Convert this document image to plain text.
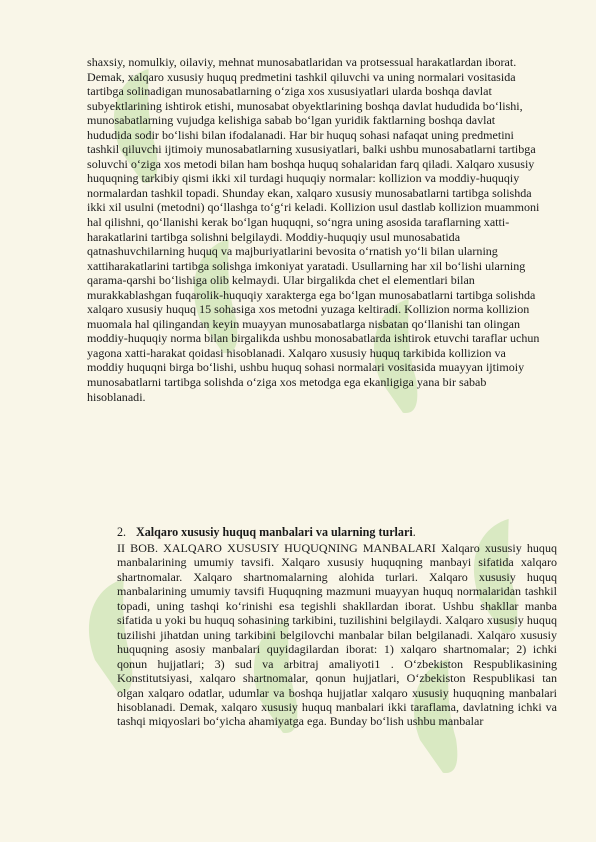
shaxsiy, nomulkiy, oilaviy, mehnat munosabatlaridan va protsessual harakatlardan iborat. Demak, xalqaro xususiy huquq predmetini tashkil qiluvchi va uning normalari vositasida tartibga solinadigan munosabatlarning o‘ziga xos xususiyatlari ularda boshqa davlat subyektlarining ishtirok etishi, munosabat obyektlarining boshqa davlat hududida bo‘lishi, munosabatlarning vujudga kelishiga sabab bo‘lgan yuridik faktlarning boshqa davlat hududida sodir bo‘lishi bilan ifodalanadi. Har bir huquq sohasi nafaqat uning predmetini tashkil qiluvchi ijtimoiy munosabatlarning xususiyatlari, balki ushbu munosabatlarni tartibga soluvchi o‘ziga xos metodi bilan ham boshqa huquq sohalaridan farq qiladi. Xalqaro xususiy huquqning tarkibiy qismi ikki xil turdagi huquqiy normalar: kollizion va moddiy-huquqiy normalardan tashkil topadi. Shunday ekan, xalqaro xususiy munosabatlarni tartibga solishda ikki xil usulni (metodni) qo‘llashga to‘g‘ri keladi. Kollizion usul dastlab kollizion muammoni hal qilishni, qo‘llanishi kerak bo‘lgan huquqni, so‘ngra uning asosida taraflarning xatti-harakatlarini tartibga solishni belgilaydi. Moddiy-huquqiy usul munosabatida qatnashuvchilarning huquq va majburiyatlarini bevosita o‘rnatish yo‘li bilan ularning xattiharakatlarini tartibga solishga imkoniyat yaratadi. Usullarning har xil bo‘lishi ularning qarama-qarshi bo‘lishiga olib kelmaydi. Ular birgalikda chet el elementlari bilan murakkablashgan fuqarolik-huquqiy xarakterga ega bo‘lgan munosabatlarni tartibga solishda xalqaro xususiy huquq 15 sohasiga xos metodni yuzaga keltiradi. Kollizion norma kollizion muomala hal qilingandan keyin muayyan munosabatlarga nisbatan qo‘llanishi tan olingan moddiy-huquqiy norma bilan birgalikda ushbu monosabatlarda ishtirok etuvchi taraflar uchun yagona xatti-harakat qoidasi hisoblanadi. Xalqaro xususiy huquq tarkibida kollizion va moddiy huquqni birga bo‘lishi, ushbu huquq sohasi normalari vositasida muayyan ijtimoiy munosabatlarni tartibga solishda o‘ziga xos metodga ega ekanligiga yana bir sabab hisoblanadi.

2. Xalqaro xususiy huquq manbalari va ularning turlari.

II BOB. XALQARO XUSUSIY HUQUQNING MANBALARI Xalqaro xususiy huquq manbalarining umumiy tavsifi. Xalqaro xususiy huquqning manbayi sifatida xalqaro shartnomalar. Xalqaro shartnomalarning alohida turlari. Xalqaro xususiy huquq manbalarining umumiy tavsifi Huquqning mazmuni muayyan huquq normalaridan tashkil topadi, uning tashqi ko‘rinishi esa tegishli shakllardan iborat. Ushbu shakllar manba sifatida u yoki bu huquq sohasining tarkibini, tuzilishini belgilaydi. Xalqaro xususiy huquq tuzilishi jihatdan uning tarkibini belgilovchi manbalar bilan belgilanadi. Xalqaro xususiy huquqning asosiy manbalari quyidagilardan iborat: 1) xalqaro shartnomalar; 2) ichki qonun hujjatlari; 3) sud va arbitraj amaliyoti1 . O‘zbekiston Respublikasining Konstitutsiyasi, xalqaro shartnomalar, qonun hujjatlari, O‘zbekiston Respublikasi tan olgan xalqaro odatlar, udumlar va boshqa hujjatlar xalqaro xususiy huquqning manbalari hisoblanadi. Demak, xalqaro xususiy huquq manbalari ikki taraflama, davlatning ichki va tashqi miqyoslari bo‘yicha ahamiyatga ega. Bunday bo‘lish ushbu manbalar
